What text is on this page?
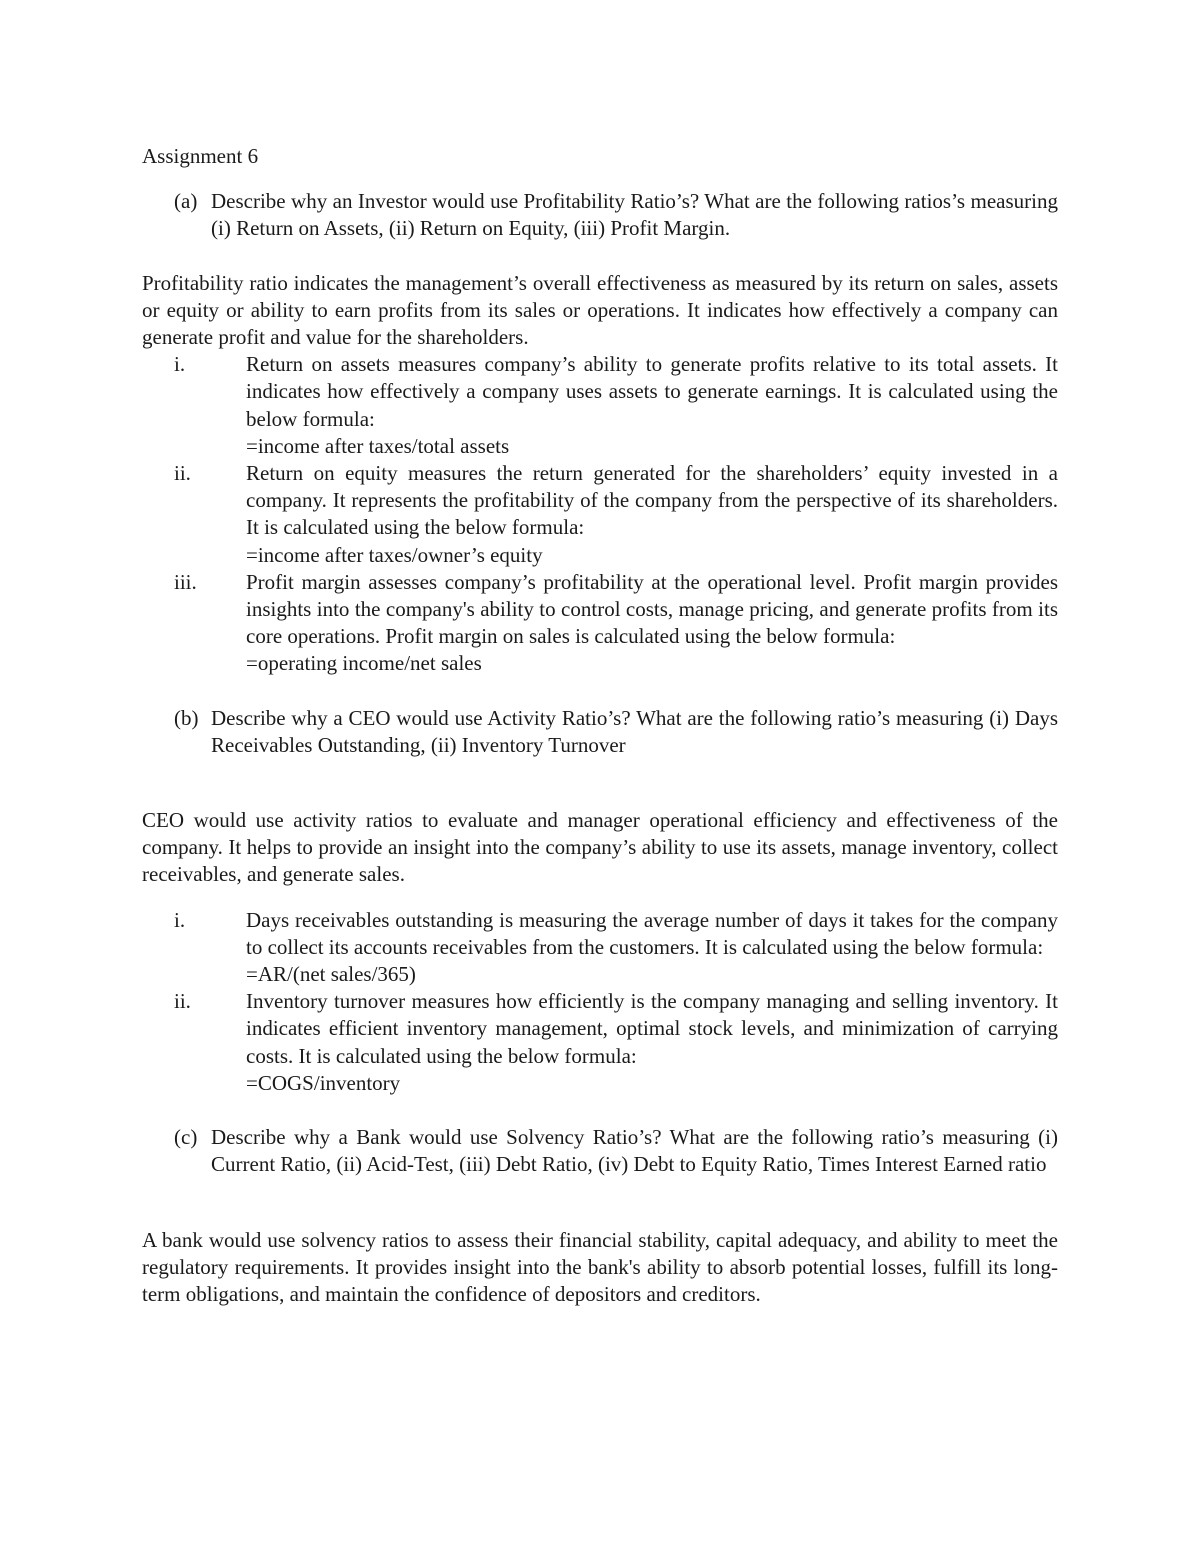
Assignment 6
(a) Describe why an Investor would use Profitability Ratio’s? What are the following ratios’s measuring (i) Return on Assets, (ii) Return on Equity, (iii) Profit Margin.
Profitability ratio indicates the management’s overall effectiveness as measured by its return on sales, assets or equity or ability to earn profits from its sales or operations. It indicates how effectively a company can generate profit and value for the shareholders.
i.	Return on assets measures company’s ability to generate profits relative to its total assets. It indicates how effectively a company uses assets to generate earnings. It is calculated using the below formula:
=income after taxes/total assets
ii.	Return on equity measures the return generated for the shareholders’ equity invested in a company. It represents the profitability of the company from the perspective of its shareholders. It is calculated using the below formula:
=income after taxes/owner’s equity
iii. Profit margin assesses company’s profitability at the operational level. Profit margin provides insights into the company's ability to control costs, manage pricing, and generate profits from its core operations. Profit margin on sales is calculated using the below formula:
=operating income/net sales
(b) Describe why a CEO would use Activity Ratio’s? What are the following ratio’s measuring (i) Days Receivables Outstanding, (ii) Inventory Turnover
CEO would use activity ratios to evaluate and manager operational efficiency and effectiveness of the company. It helps to provide an insight into the company’s ability to use its assets, manage inventory, collect receivables, and generate sales.
i.	Days receivables outstanding is measuring the average number of days it takes for the company to collect its accounts receivables from the customers. It is calculated using the below formula:
=AR/(net sales/365)
ii.	Inventory turnover measures how efficiently is the company managing and selling inventory. It indicates efficient inventory management, optimal stock levels, and minimization of carrying costs. It is calculated using the below formula:
=COGS/inventory
(c) Describe why a Bank would use Solvency Ratio’s? What are the following ratio’s measuring (i) Current Ratio, (ii) Acid-Test, (iii) Debt Ratio, (iv) Debt to Equity Ratio, Times Interest Earned ratio
A bank would use solvency ratios to assess their financial stability, capital adequacy, and ability to meet the regulatory requirements. It provides insight into the bank's ability to absorb potential losses, fulfill its long-term obligations, and maintain the confidence of depositors and creditors.
